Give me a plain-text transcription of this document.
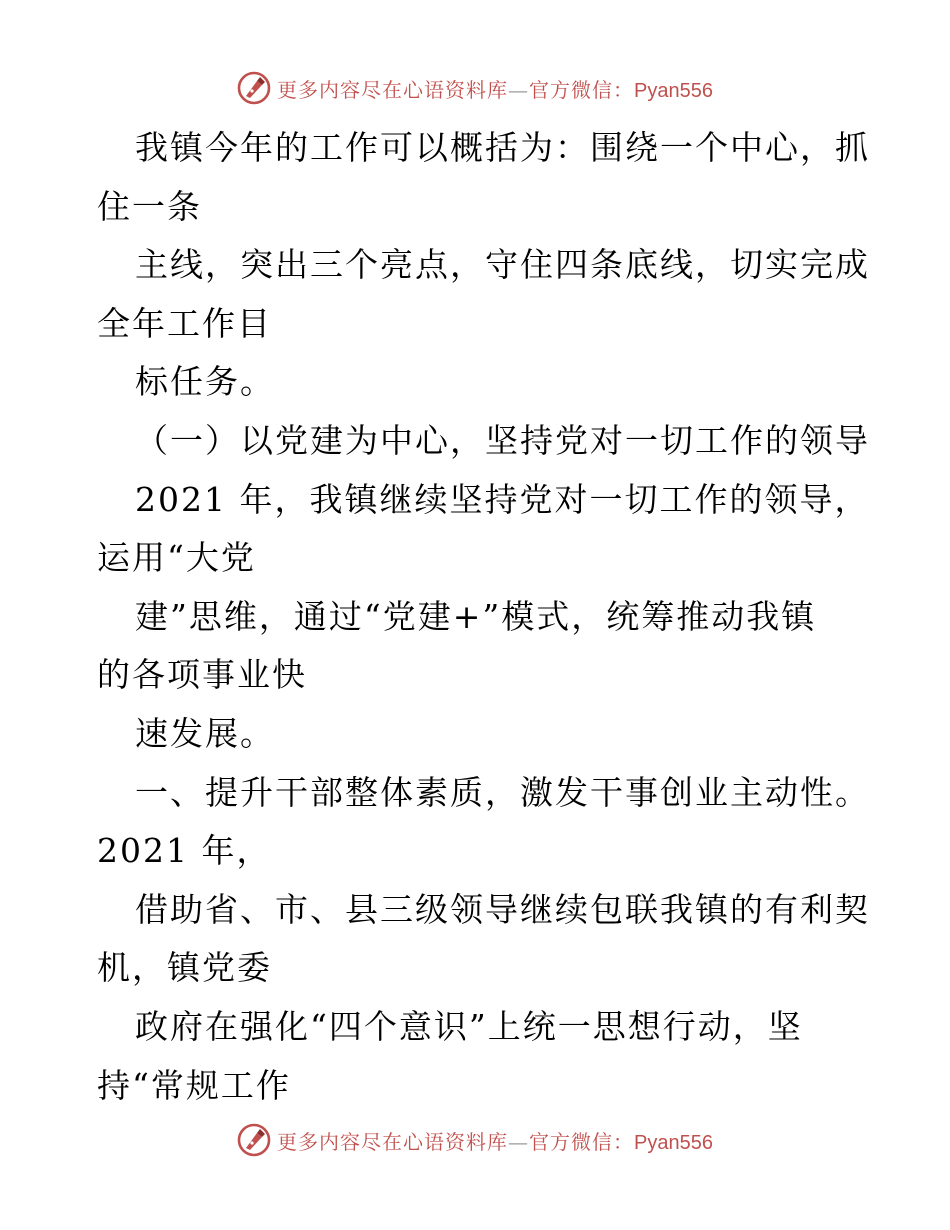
更多内容尽在心语资料库—官方微信：Pyan556
我镇今年的工作可以概括为：围绕一个中心，抓
住一条
主线，突出三个亮点，守住四条底线，切实完成
全年工作目
标任务。
（一）以党建为中心，坚持党对一切工作的领导
2021 年，我镇继续坚持党对一切工作的领导，
运用“大党
建”思维，通过“党建+”模式，统筹推动我镇
的各项事业快
速发展。
一、提升干部整体素质，激发干事创业主动性。
2021 年，
借助省、市、县三级领导继续包联我镇的有利契
机，镇党委
政府在强化“四个意识”上统一思想行动，坚
持“常规工作
更多内容尽在心语资料库—官方微信：Pyan556
